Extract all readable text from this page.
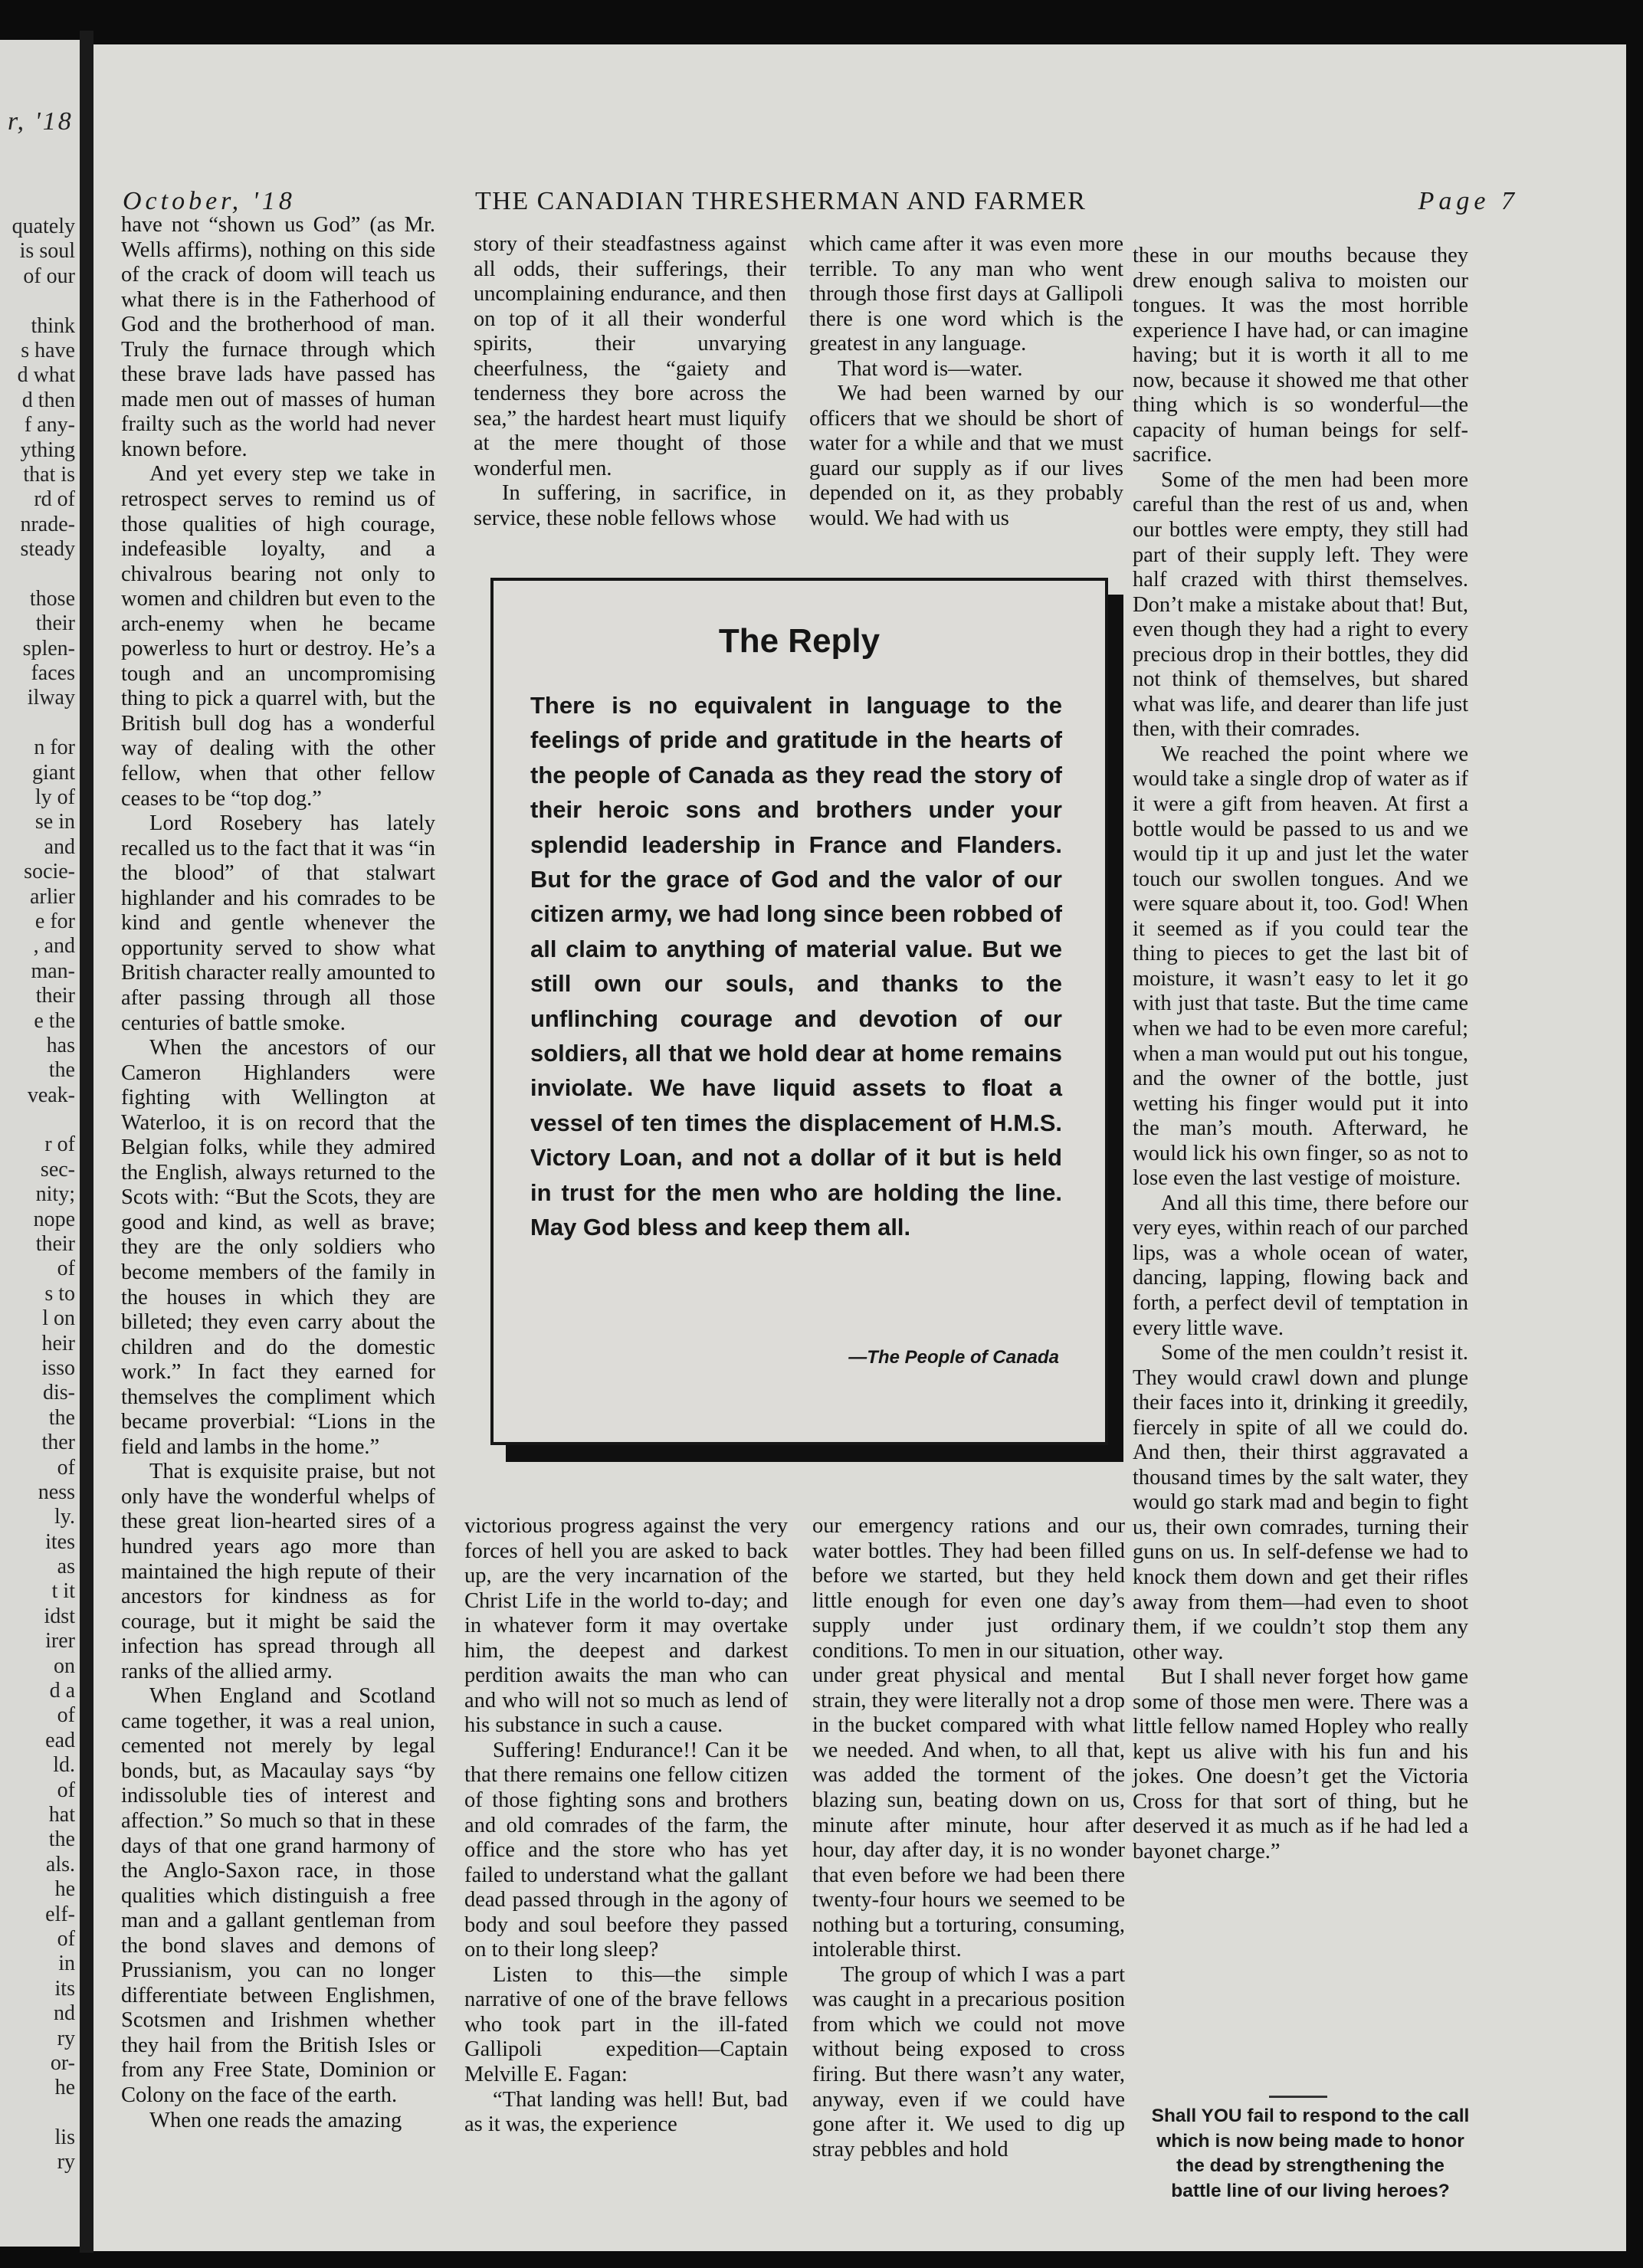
r, '18
quately
is soul
of our
think
s have
d what
d then
f any-
ything
that is
rd of
nrade-
steady
those
their
splen-
faces
ilway
n for
giant
ly of
se in
and
socie-
arlier
e for
, and
man-
their
e the
has
the
veak-
r of
sec-
nity;
nope
their
of
s to
l on
heir
isso
dis-
the
ther
of
ness
ly.
ites
as
t it
idst
irer
on
d a
of
ead
ld.
of
hat
the
als.
he
elf-
of
in
its
nd
ry
or-
he
lis
ry
October, '18	THE CANADIAN THRESHERMAN AND FARMER	Page 7

have not “shown us God” (as Mr. Wells affirms), nothing on this side of the crack of doom will teach us what there is in the Fatherhood of God and the brotherhood of man. Truly the furnace through which these brave lads have passed has made men out of masses of human frailty such as the world had never known before.

And yet every step we take in retrospect serves to remind us of those qualities of high courage, indefeasible loyalty, and a chivalrous bearing not only to women and children but even to the arch-enemy when he became powerless to hurt or destroy. He’s a tough and an uncompromising thing to pick a quarrel with, but the British bull dog has a wonderful way of dealing with the other fellow, when that other fellow ceases to be “top dog.”

Lord Rosebery has lately recalled us to the fact that it was “in the blood” of that stalwart highlander and his comrades to be kind and gentle whenever the opportunity served to show what British character really amounted to after passing through all those centuries of battle smoke.

When the ancestors of our Cameron Highlanders were fighting with Wellington at Waterloo, it is on record that the Belgian folks, while they admired the English, always returned to the Scots with: “But the Scots, they are good and kind, as well as brave; they are the only soldiers who become members of the family in the houses in which they are billeted; they even carry about the children and do the domestic work.” In fact they earned for themselves the compliment which became proverbial: “Lions in the field and lambs in the home.”

That is exquisite praise, but not only have the wonderful whelps of these great lion-hearted sires of a hundred years ago more than maintained the high repute of their ancestors for kindness as for courage, but it might be said the infection has spread through all ranks of the allied army.

When England and Scotland came together, it was a real union, cemented not merely by legal bonds, but, as Macaulay says “by indissoluble ties of interest and affection.” So much so that in these days of that one grand harmony of the Anglo-Saxon race, in those qualities which distinguish a free man and a gallant gentleman from the bond slaves and demons of Prussianism, you can no longer differentiate between Englishmen, Scotsmen and Irishmen whether they hail from the British Isles or from any Free State, Dominion or Colony on the face of the earth.

When one reads the amazing

story of their steadfastness against all odds, their sufferings, their uncomplaining endurance, and then on top of it all their wonderful spirits, their unvarying cheerfulness, the “gaiety and tenderness they bore across the sea,” the hardest heart must liquify at the mere thought of those wonderful men.

In suffering, in sacrifice, in service, these noble fellows whose

which came after it was even more terrible. To any man who went through those first days at Gallipoli there is one word which is the greatest in any language.

That word is—water.

We had been warned by our officers that we should be short of water for a while and that we must guard our supply as if our lives depended on it, as they probably would. We had with us

these in our mouths because they drew enough saliva to moisten our tongues. It was the most horrible experience I have had, or can imagine having; but it is worth it all to me now, because it showed me that other thing which is so wonderful—the capacity of human beings for self-sacrifice.

Some of the men had been more careful than the rest of us and, when our bottles were empty, they still had part of their supply left. They were half crazed with thirst themselves. Don’t make a mistake about that! But, even though they had a right to every precious drop in their bottles, they did not think of themselves, but shared what was life, and dearer than life just then, with their comrades.

We reached the point where we would take a single drop of water as if it were a gift from heaven. At first a bottle would be passed to us and we would tip it up and just let the water touch our swollen tongues. And we were square about it, too. God! When it seemed as if you could tear the thing to pieces to get the last bit of moisture, it wasn’t easy to let it go with just that taste. But the time came when we had to be even more careful; when a man would put out his tongue, and the owner of the bottle, just wetting his finger would put it into the man’s mouth. Afterward, he would lick his own finger, so as not to lose even the last vestige of moisture.

And all this time, there before our very eyes, within reach of our parched lips, was a whole ocean of water, dancing, lapping, flowing back and forth, a perfect devil of temptation in every little wave.

Some of the men couldn’t resist it. They would crawl down and plunge their faces into it, drinking it greedily, fiercely in spite of all we could do. And then, their thirst aggravated a thousand times by the salt water, they would go stark mad and begin to fight us, their own comrades, turning their guns on us. In self-defense we had to knock them down and get their rifles away from them—had even to shoot them, if we couldn’t stop them any other way.

But I shall never forget how game some of those men were. There was a little fellow named Hopley who really kept us alive with his fun and his jokes. One doesn’t get the Victoria Cross for that sort of thing, but he deserved it as much as if he had led a bayonet charge.”

Shall YOU fail to respond to the call which is now being made to honor the dead by strengthening the battle line of our living heroes?
The Reply

There is no equivalent in language to the feelings of pride and gratitude in the hearts of the people of Canada as they read the story of their heroic sons and brothers under your splendid leadership in France and Flanders. But for the grace of God and the valor of our citizen army, we had long since been robbed of all claim to anything of material value. But we still own our souls, and thanks to the unflinching courage and devotion of our soldiers, all that we hold dear at home remains inviolate. We have liquid assets to float a vessel of ten times the displacement of H.M.S. Victory Loan, and not a dollar of it but is held in trust for the men who are holding the line. May God bless and keep them all.

—The People of Canada

victorious progress against the very forces of hell you are asked to back up, are the very incarnation of the Christ Life in the world to-day; and in whatever form it may overtake him, the deepest and darkest perdition awaits the man who can and who will not so much as lend of his substance in such a cause.

Suffering! Endurance!! Can it be that there remains one fellow citizen of those fighting sons and brothers and old comrades of the farm, the office and the store who has yet failed to understand what the gallant dead passed through in the agony of body and soul beefore they passed on to their long sleep?

Listen to this—the simple narrative of one of the brave fellows who took part in the ill-fated Gallipoli expedition—Captain Melville E. Fagan:

“That landing was hell! But, bad as it was, the experience

our emergency rations and our water bottles. They had been filled before we started, but they held little enough for even one day’s supply under just ordinary conditions. To men in our situation, under great physical and mental strain, they were literally not a drop in the bucket compared with what we needed. And when, to all that, was added the torment of the blazing sun, beating down on us, minute after minute, hour after hour, day after day, it is no wonder that even before we had been there twenty-four hours we seemed to be nothing but a torturing, consuming, intolerable thirst.

The group of which I was a part was caught in a precarious position from which we could not move without being exposed to cross firing. But there wasn’t any water, anyway, even if we could have gone after it. We used to dig up stray pebbles and hold
